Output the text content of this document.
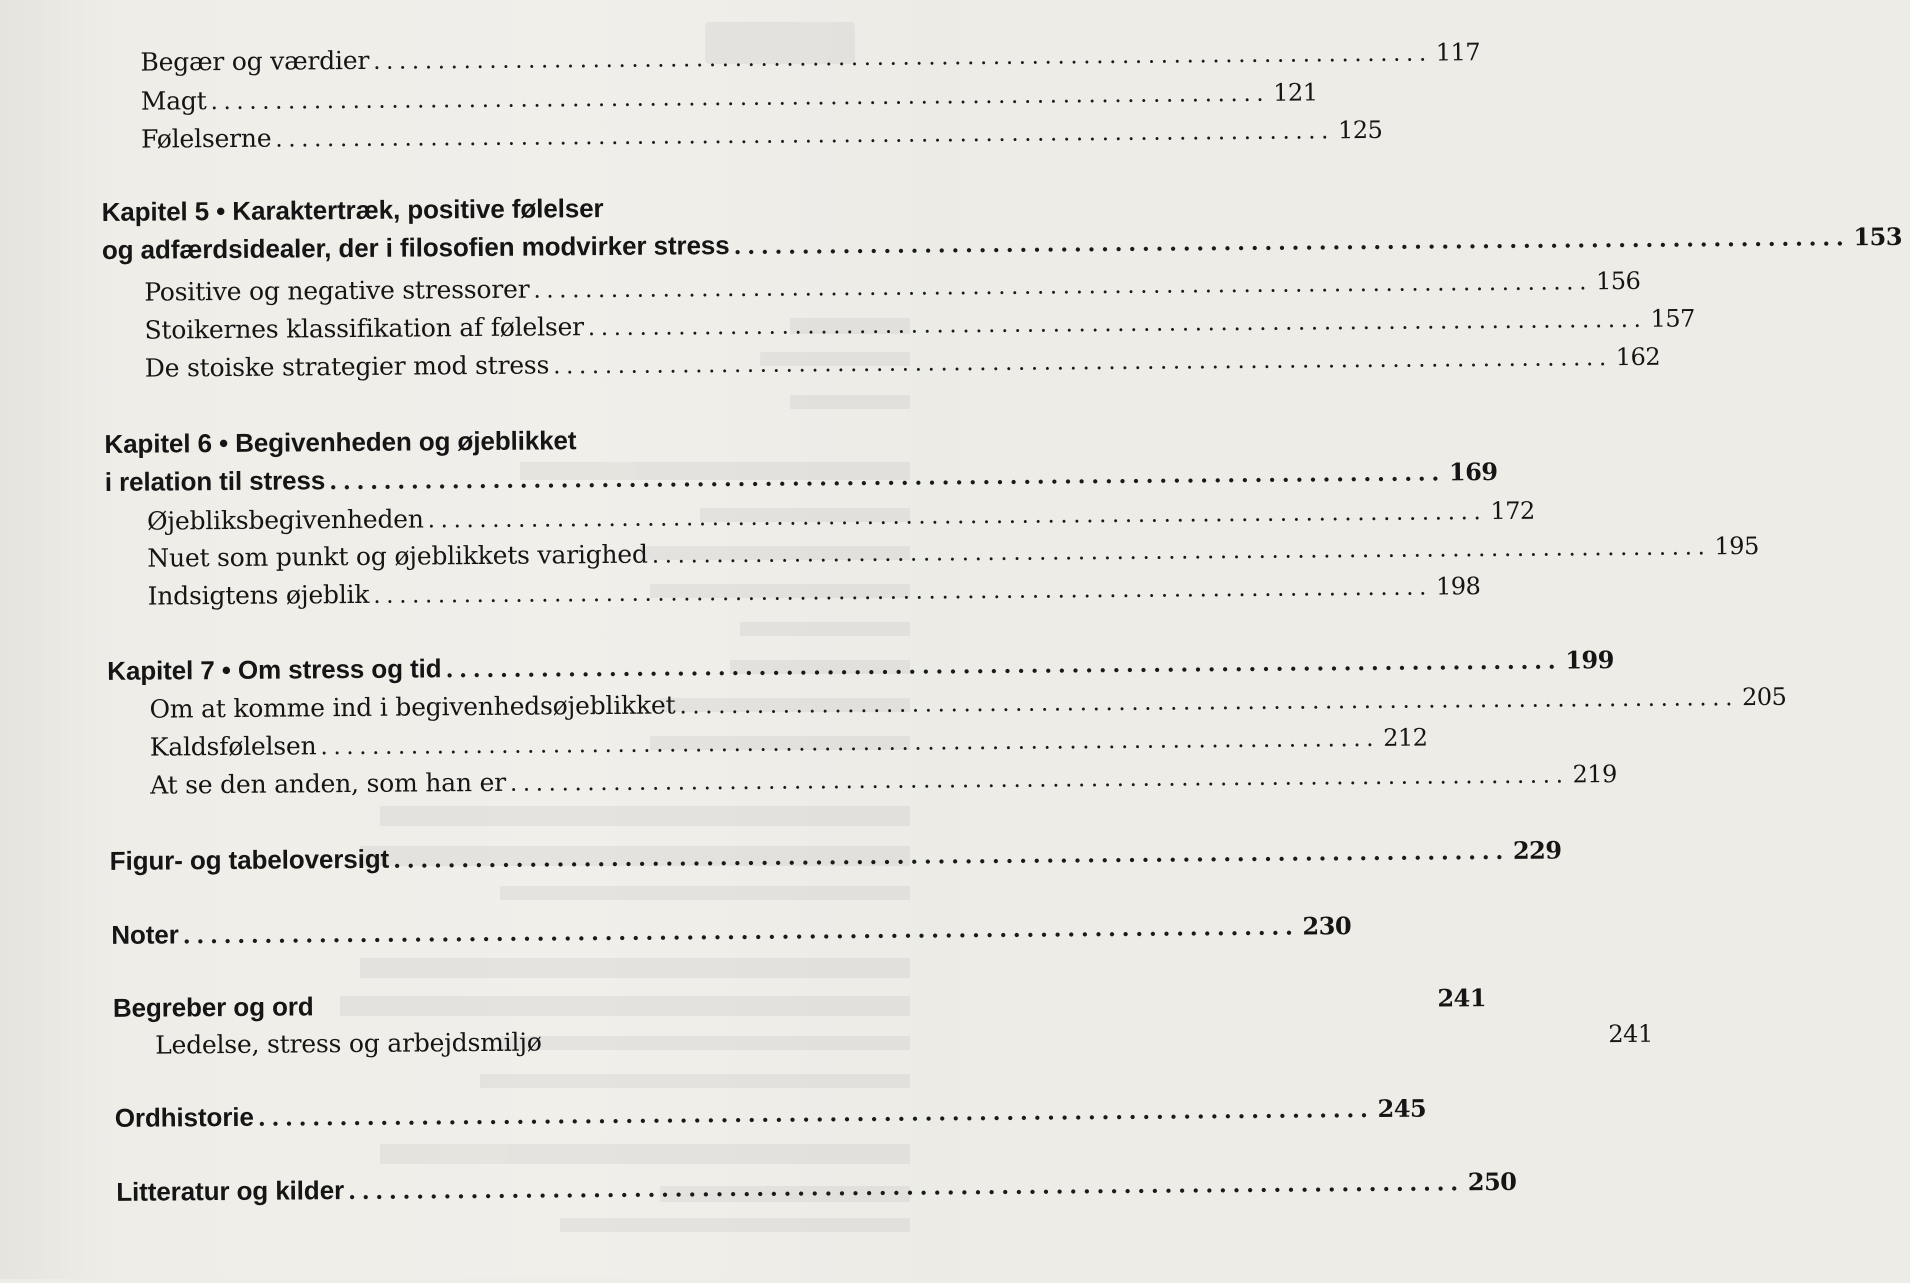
Begær og værdier .................................................................................. 117
Magt .................................................................................. 121
Følelserne .................................................................................. 125
Kapitel 5 • Karaktertræk, positive følelser
og adfærdsidealer, der i filosofien modvirker stress .................................................................................. 153
Positive og negative stressorer .................................................................................. 156
Stoikernes klassifikation af følelser .................................................................................. 157
De stoiske strategier mod stress .................................................................................. 162
Kapitel 6 • Begivenheden og øjeblikket
i relation til stress .................................................................................. 169
Øjebliksbegivenheden .................................................................................. 172
Nuet som punkt og øjeblikkets varighed .................................................................................. 195
Indsigtens øjeblik .................................................................................. 198
Kapitel 7 • Om stress og tid .................................................................................. 199
Om at komme ind i begivenhedsøjeblikket .................................................................................. 205
Kaldsfølelsen .................................................................................. 212
At se den anden, som han er .................................................................................. 219
Figur- og tabeloversigt .................................................................................. 229
Noter .................................................................................. 230
Begreber og ord	241
Ledelse, stress og arbejdsmiljø	241
Ordhistorie .................................................................................. 245
Litteratur og kilder .................................................................................. 250
